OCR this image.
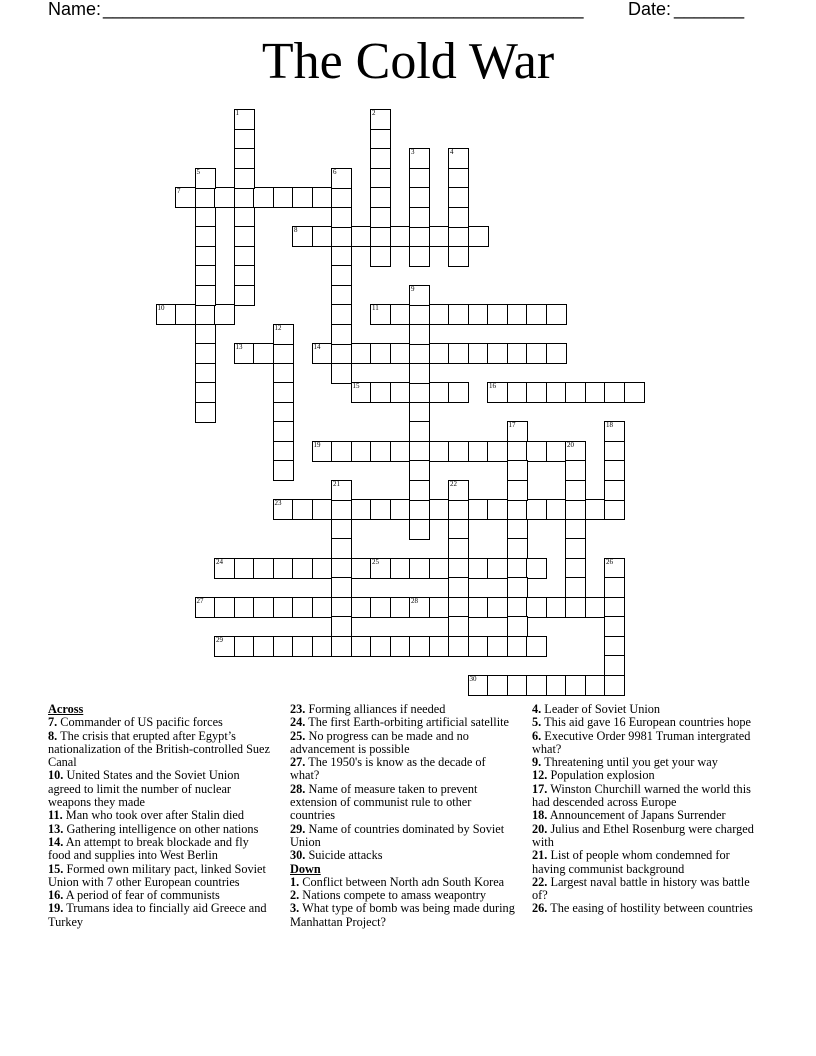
Name: ________________________________________________ Date: _______
The Cold War
7
8
10	11
13	14
15	16
19	20
23
24	25
27	28
29
30
1	2
3	4
5	6
9
12
17	18
21	22
26

Across

7. Commander of US pacific forces

8. The crisis that erupted after Egypt’s nationalization of the British-controlled Suez Canal

10. United States and the Soviet Union agreed to limit the number of nuclear weapons they made

11. Man who took over after Stalin died

13. Gathering intelligence on other nations

14. An attempt to break blockade and fly food and supplies into West Berlin

15. Formed own military pact, linked Soviet Union with 7 other European countries

16. A period of fear of communists

19. Trumans idea to fincially aid Greece and Turkey

23. Forming alliances if needed

24. The first Earth-orbiting artificial satellite

25. No progress can be made and no advancement is possible

27. The 1950's is know as the decade of what?

28. Name of measure taken to prevent extension of communist rule to other countries

29. Name of countries dominated by Soviet Union

30. Suicide attacks

Down

1. Conflict between North adn South Korea

2. Nations compete to amass weapontry

3. What type of bomb was being made during Manhattan Project?

4. Leader of Soviet Union

5. This aid gave 16 European countries hope

6. Executive Order 9981 Truman intergrated what?

9. Threatening until you get your way

12. Population explosion

17. Winston Churchill warned the world this had descended across Europe

18. Announcement of Japans Surrender

20. Julius and Ethel Rosenburg were charged with

21. List of people whom condemned for having communist background

22. Largest naval battle in history was battle of?

26. The easing of hostility between countries
